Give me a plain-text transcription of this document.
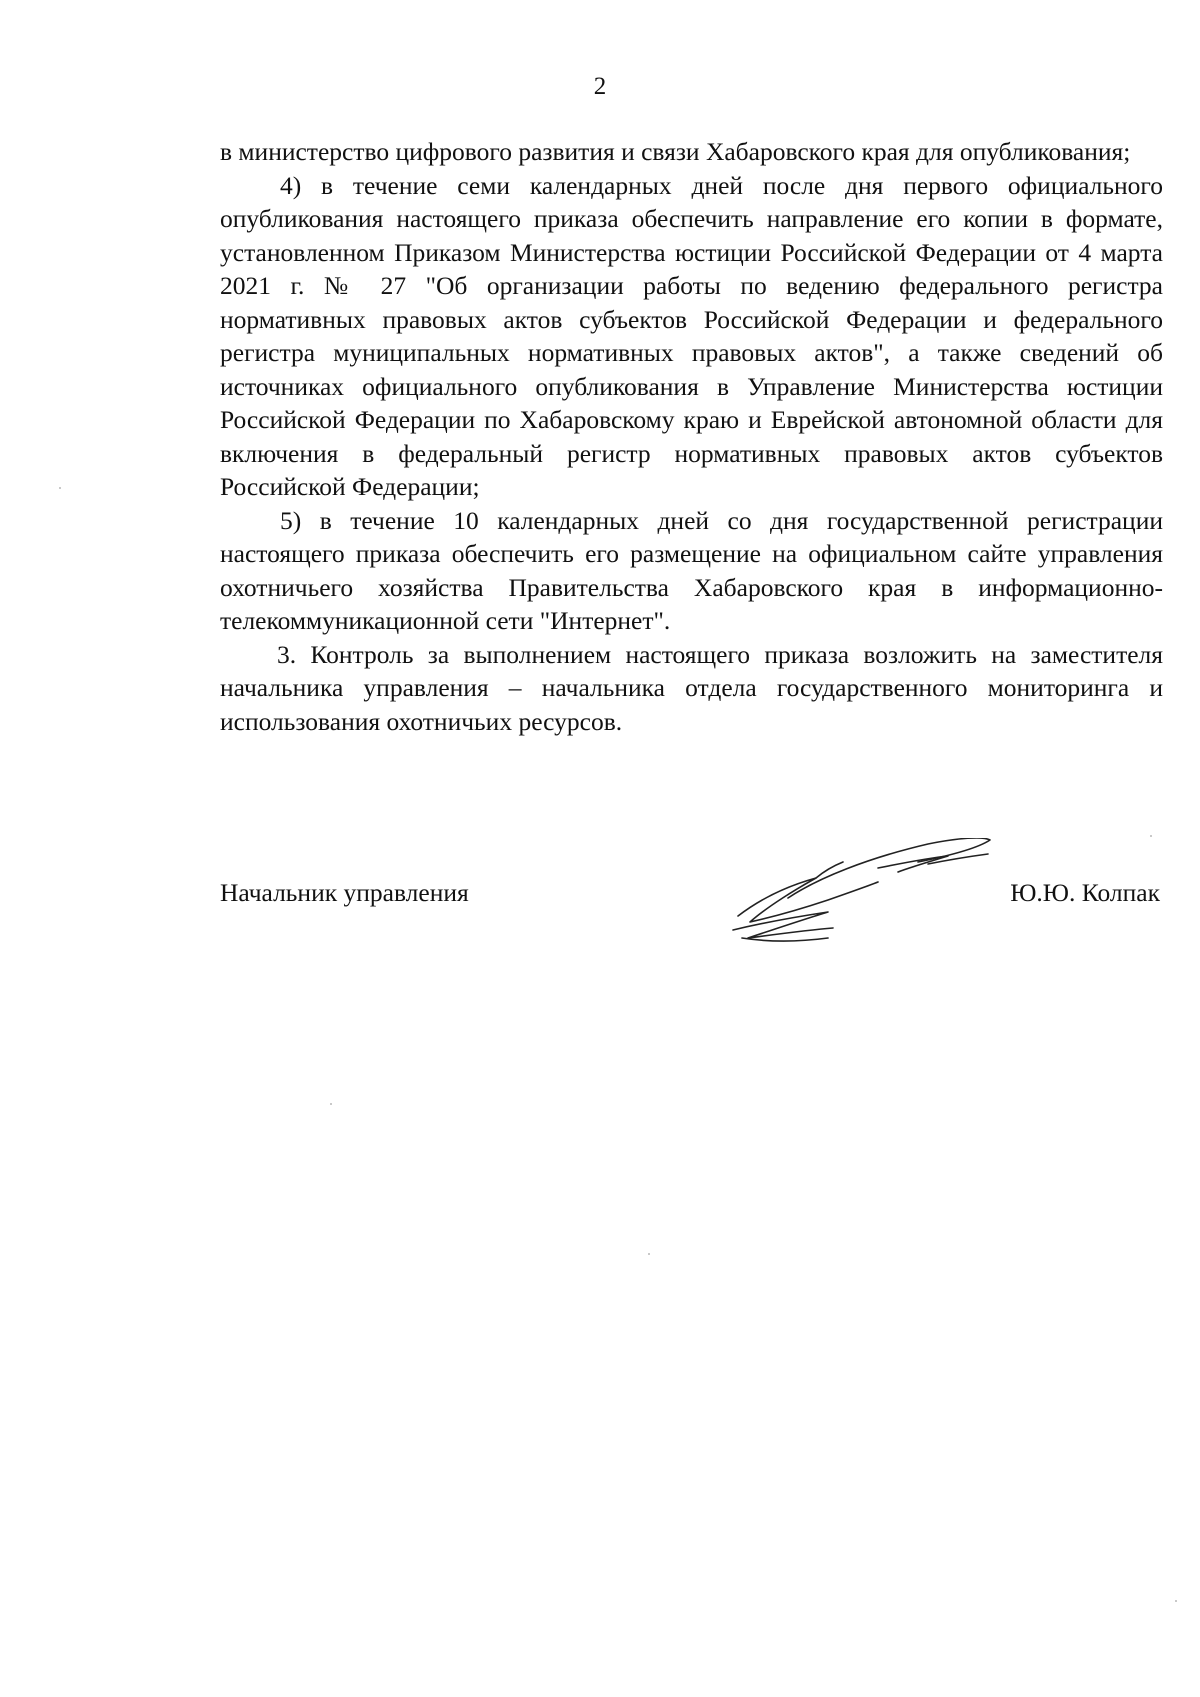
2

в министерство цифрового развития и связи Хабаровского края для опубликования;

4) в течение семи календарных дней после дня первого официального опубликования настоящего приказа обеспечить направление его копии в формате, установленном Приказом Министерства юстиции Российской Федерации от 4 марта 2021 г. № 27 "Об организации работы по ведению федерального регистра нормативных правовых актов субъектов Российской Федерации и федерального регистра муниципальных нормативных правовых актов", а также сведений об источниках официального опубликования в Управление Министерства юстиции Российской Федерации по Хабаровскому краю и Еврейской автономной области для включения в федеральный регистр нормативных правовых актов субъектов Российской Федерации;

5) в течение 10 календарных дней со дня государственной регистрации настоящего приказа обеспечить его размещение на официальном сайте управления охотничьего хозяйства Правительства Хабаровского края в информационно-телекоммуникационной сети "Интернет".

3. Контроль за выполнением настоящего приказа возложить на заместителя начальника управления – начальника отдела государственного мониторинга и использования охотничьих ресурсов.

Начальник управления	Ю.Ю. Колпак
